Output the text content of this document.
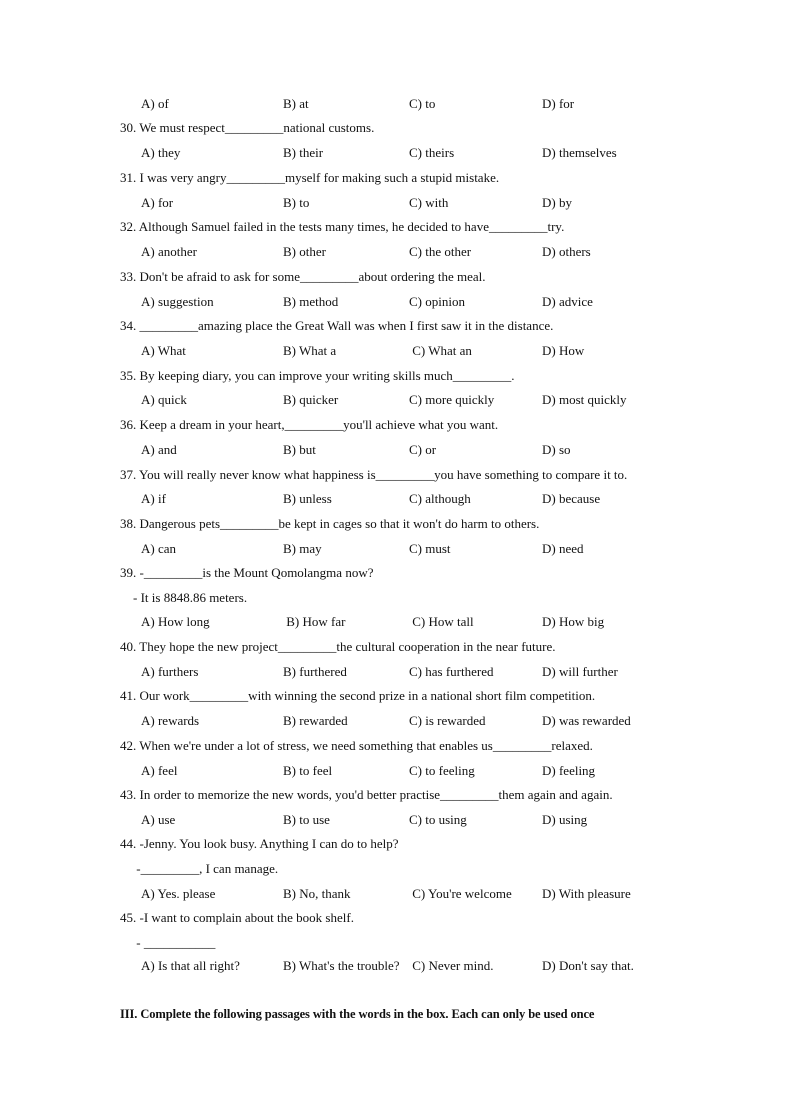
A) of	B) at	C) to	D) for
30. We must respect_________national customs.
A) they	B) their	C) theirs	D) themselves
31. I was very angry_________myself for making such a stupid mistake.
A) for	B) to	C) with	D) by
32. Although Samuel failed in the tests many times, he decided to have_________try.
A) another	B) other	C) the other	D) others
33. Don't be afraid to ask for some_________about ordering the meal.
A) suggestion	B) method	C) opinion	D) advice
34. _________amazing place the Great Wall was when I first saw it in the distance.
A) What	B) What a	C) What an	D) How
35. By keeping diary, you can improve your writing skills much_________.
A) quick	B) quicker	C) more quickly	D) most quickly
36. Keep a dream in your heart,_________you'll achieve what you want.
A) and	B) but	C) or	D) so
37. You will really never know what happiness is_________you have something to compare it to.
A) if	B) unless	C) although	D) because
38. Dangerous pets_________be kept in cages so that it won't do harm to others.
A) can	B) may	C) must	D) need
39. -_________is the Mount Qomolangma now?
- It is 8848.86 meters.
A) How long	B) How far	C) How tall	D) How big
40. They hope the new project_________the cultural cooperation in the near future.
A) furthers	B) furthered	C) has furthered	D) will further
41. Our work_________with winning the second prize in a national short film competition.
A) rewards	B) rewarded	C) is rewarded	D) was rewarded
42. When we're under a lot of stress, we need something that enables us_________relaxed.
A) feel	B) to feel	C) to feeling	D) feeling
43. In order to memorize the new words, you'd better practise_________them again and again.
A) use	B) to use	C) to using	D) using
44. -Jenny. You look busy. Anything I can do to help?
-_________, I can manage.
A) Yes. please	B) No, thank	C) You're welcome D) With pleasure
45. -I want to complain about the book shelf.
- ___________
A) Is that all right?	B) What's the trouble? C) Never mind.	D) Don't say that.
III. Complete the following passages with the words in the box. Each can only be used once
